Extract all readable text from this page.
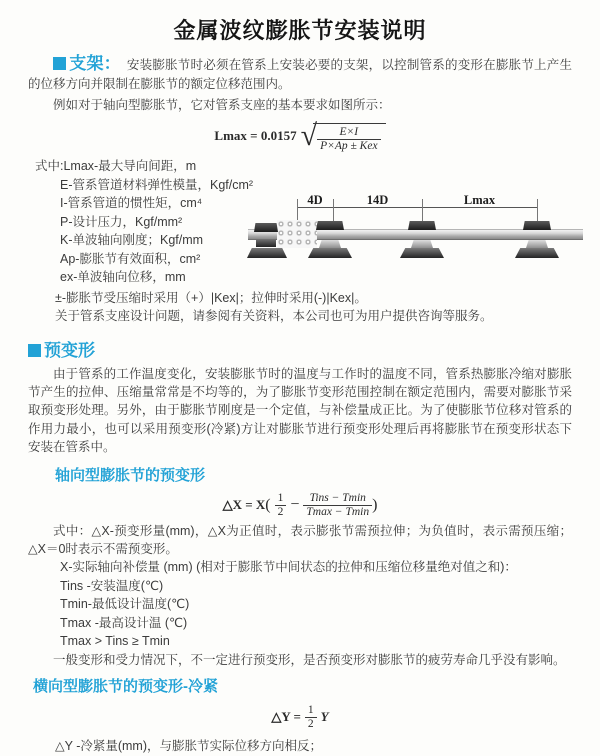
金属波纹膨胀节安装说明
支架： 安装膨胀节时必须在管系上安装必要的支架，以控制管系的变形在膨胀节上产生的位移方向并限制在膨胀节的额定位移范围内。
例如对于轴向型膨胀节，它对管系支座的基本要求如图所示：
Lmax = 0.0157 √ $\frac{E\times I}{\text{P×Ap ± Kex}}$
式中:Lmax-最大导向间距，m
E-管系管道材料弹性模量，Kgf/cm²
I-管系管道的惯性矩，cm⁴
P-设计压力，Kgf/mm²
K-单波轴向刚度；Kgf/mm
Ap-膨胀节有效面积，cm²
ex-单波轴向位移，mm
±-膨胀节受压缩时采用（+）|Kex|；拉伸时采用(-)|Kex|。
关于管系支座设计问题，请参阅有关资料，本公司也可为用户提供咨询等服务。
4D	14D	Lmax
预变形
由于管系的工作温度变化，安装膨胀节时的温度与工作时的温度不同，管系热膨胀冷缩对膨胀节产生的拉伸、压缩量常常是不均等的，为了膨胀节变形范围控制在额定范围内，需要对膨胀节采取预变形处理。另外，由于膨胀节刚度是一个定值，与补偿量成正比。为了使膨胀节位移对管系的作用力最小，也可以采用预变形(冷紧)方让对膨胀节进行预变形处理后再将膨胀节在预变形状态下安装在管系中。
轴向型膨胀节的预变形
△X = $X( \frac{1}{2} - \frac{\text{Tins − Tmin}}{Tmax - Tmin}$ )
式中：△X-预变形量(mm)，△X为正值时，表示膨张节需预拉伸；为负值时，表示需预压缩；△X＝0时表示不需预变形。
X-实际轴向补偿量 (mm) (相对于膨胀节中间状态的拉伸和压缩位移量绝对值之和)：
Tins -安装温度(℃)
Tmin-最低设计温度(℃)
Tmax -最高设计温 (℃)
Tmax > Tins ≥ Tmin
一般变形和受力情况下，不一定进行预变形，是否预变形对膨胀节的疲劳寿命几乎没有影响。
横向型膨胀节的预变形-冷紧
△Y = $\frac{1}{2}$ Y
△Y -冷紧量(mm)，与膨胀节实际位移方向相反；
